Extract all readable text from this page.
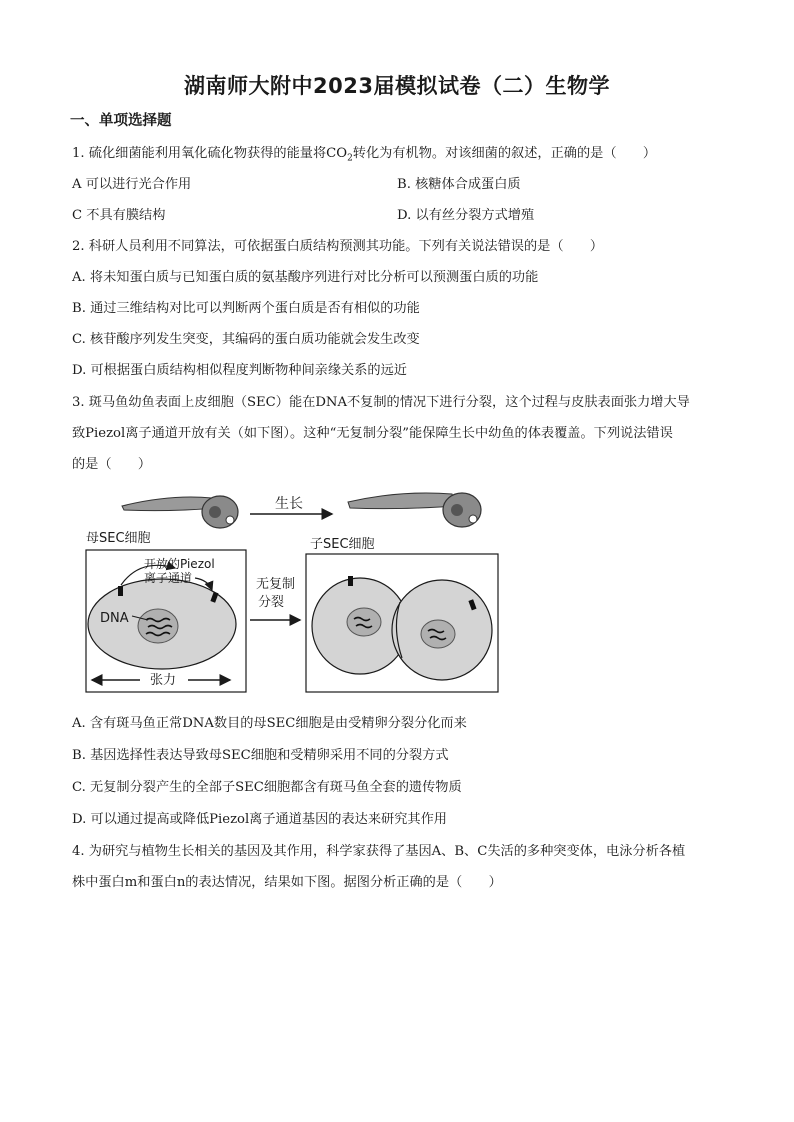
湖南师大附中2023届模拟试卷（二）生物学
一、单项选择题
1. 硫化细菌能利用氧化硫化物获得的能量将$CO_2$转化为有机物。对该细菌的叙述，正确的是（　　）
A 可以进行光合作用	B. 核糖体合成蛋白质
C 不具有膜结构	D. 以有丝分裂方式增殖
2. 科研人员利用不同算法，可依据蛋白质结构预测其功能。下列有关说法错误的是（　　）
A. 将未知蛋白质与已知蛋白质的氨基酸序列进行对比分析可以预测蛋白质的功能
B. 通过三维结构对比可以判断两个蛋白质是否有相似的功能
C. 核苷酸序列发生突变，其编码的蛋白质功能就会发生改变
D. 可根据蛋白质结构相似程度判断物种间亲缘关系的远近
3. 斑马鱼幼鱼表面上皮细胞（SEC）能在DNA不复制的情况下进行分裂，这个过程与皮肤表面张力增大导
致Piezol离子通道开放有关（如下图）。这种“无复制分裂”能保障生长中幼鱼的体表覆盖。下列说法错误
的是（　　）
生长
母SEC细胞	子SEC细胞
开放的Piezol
离子通道
DNA
张力
无复制
分裂
A. 含有斑马鱼正常DNA数目的母SEC细胞是由受精卵分裂分化而来
B. 基因选择性表达导致母SEC细胞和受精卵采用不同的分裂方式
C. 无复制分裂产生的全部子SEC细胞都含有斑马鱼全套的遗传物质
D. 可以通过提高或降低Piezol离子通道基因的表达来研究其作用
4. 为研究与植物生长相关的基因及其作用，科学家获得了基因A、B、C失活的多种突变体，电泳分析各植
株中蛋白m和蛋白n的表达情况，结果如下图。据图分析正确的是（　　）
